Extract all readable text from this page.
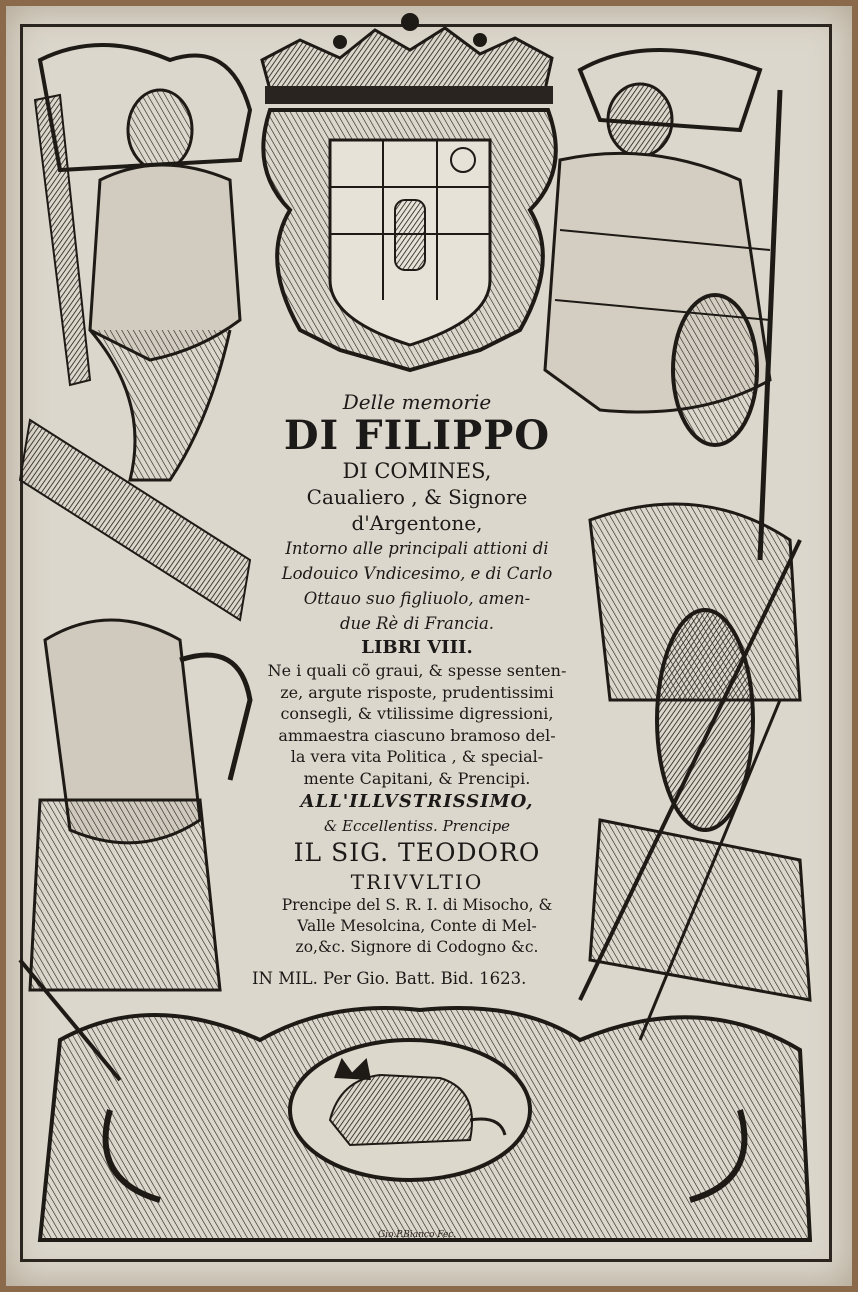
Delle memorie
DI FILIPPO
DI COMINES,
Caualiero , & Signore
d'Argentone,
Intorno alle principali attioni di
Lodouico Vndicesimo, e di Carlo
Ottauo suo figliuolo, amen-
due Rè di Francia.
LIBRI VIII.
Ne i quali cõ graui, & spesse senten-
ze, argute risposte, prudentissimi
consegli, & vtilissime digressioni,
ammaestra ciascuno bramoso del-
la vera vita Politica , & special-
mente Capitani, & Prencipi.
ALL'ILLVSTRISSIMO,
& Eccellentiss. Prencipe
IL SIG. TEODORO
TRIVVLTIO
Prencipe del S. R. I. di Misocho, &
Valle Mesolcina, Conte di Mel-
zo,&c. Signore di Codogno &c.
IN MIL. Per Gio. Batt. Bid. 1623.
Gio.P.Bianco Fec.
